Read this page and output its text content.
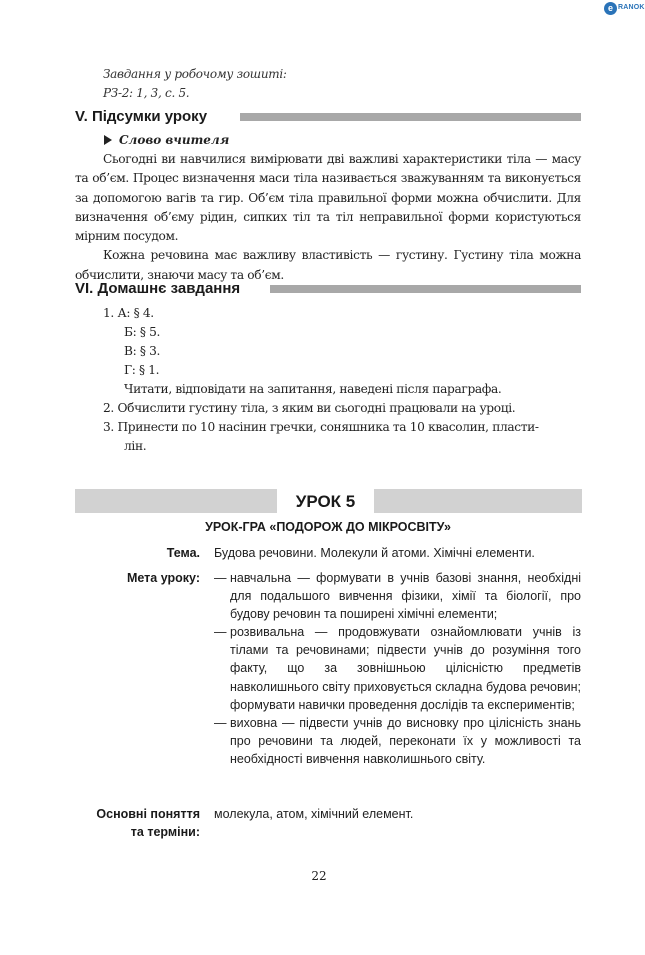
e RANOK
Завдання у робочому зошиті:
РЗ-2: 1, 3, с. 5.
V. Підсумки уроку
Слово вчителя

Сьогодні ви навчилися вимірювати дві важливі характеристики тіла — масу та об’єм. Процес визначення маси тіла називається зважуванням та виконується за допомогою вагів та гир. Об’єм тіла правильної форми можна обчислити. Для визначення об’єму рідин, сипких тіл та тіл неправильної форми користуються мірним посудом.

Кожна речовина має важливу властивість — густину. Густину тіла можна обчислити, знаючи масу та об’єм.

VI. Домашнє завдання
1. А: § 4.
Б: § 5.
В: § 3.
Г: § 1.
Читати, відповідати на запитання, наведені після параграфа.
2. Обчислити густину тіла, з яким ви сьогодні працювали на уроці.
3. Принести по 10 насінин гречки, соняшника та 10 квасолин, пласти-
лін.
УРОК 5
УРОК-ГРА «ПОДОРОЖ ДО МІКРОСВІТУ»
Тема. Будова речовини. Молекули й атоми. Хімічні елементи.
Мета уроку: — навчальна — формувати в учнів базові знання, необхідні для подальшого вивчення фізики, хімії та біології, про будову речовин та поширені хімічні елементи;
— розвивальна — продовжувати ознайомлювати учнів із тілами та речовинами; підвести учнів до розуміння того факту, що за зовнішньою цілісністю предметів навколишнього світу приховується складна будова речовин; формувати навички проведення дослідів та експериментів;
— виховна — підвести учнів до висновку про цілісність знань про речовини та людей, переконати їх у можливості та необхідності вивчення навколишнього світу.
Основні поняття
та терміни:
молекула, атом, хімічний елемент.
22
